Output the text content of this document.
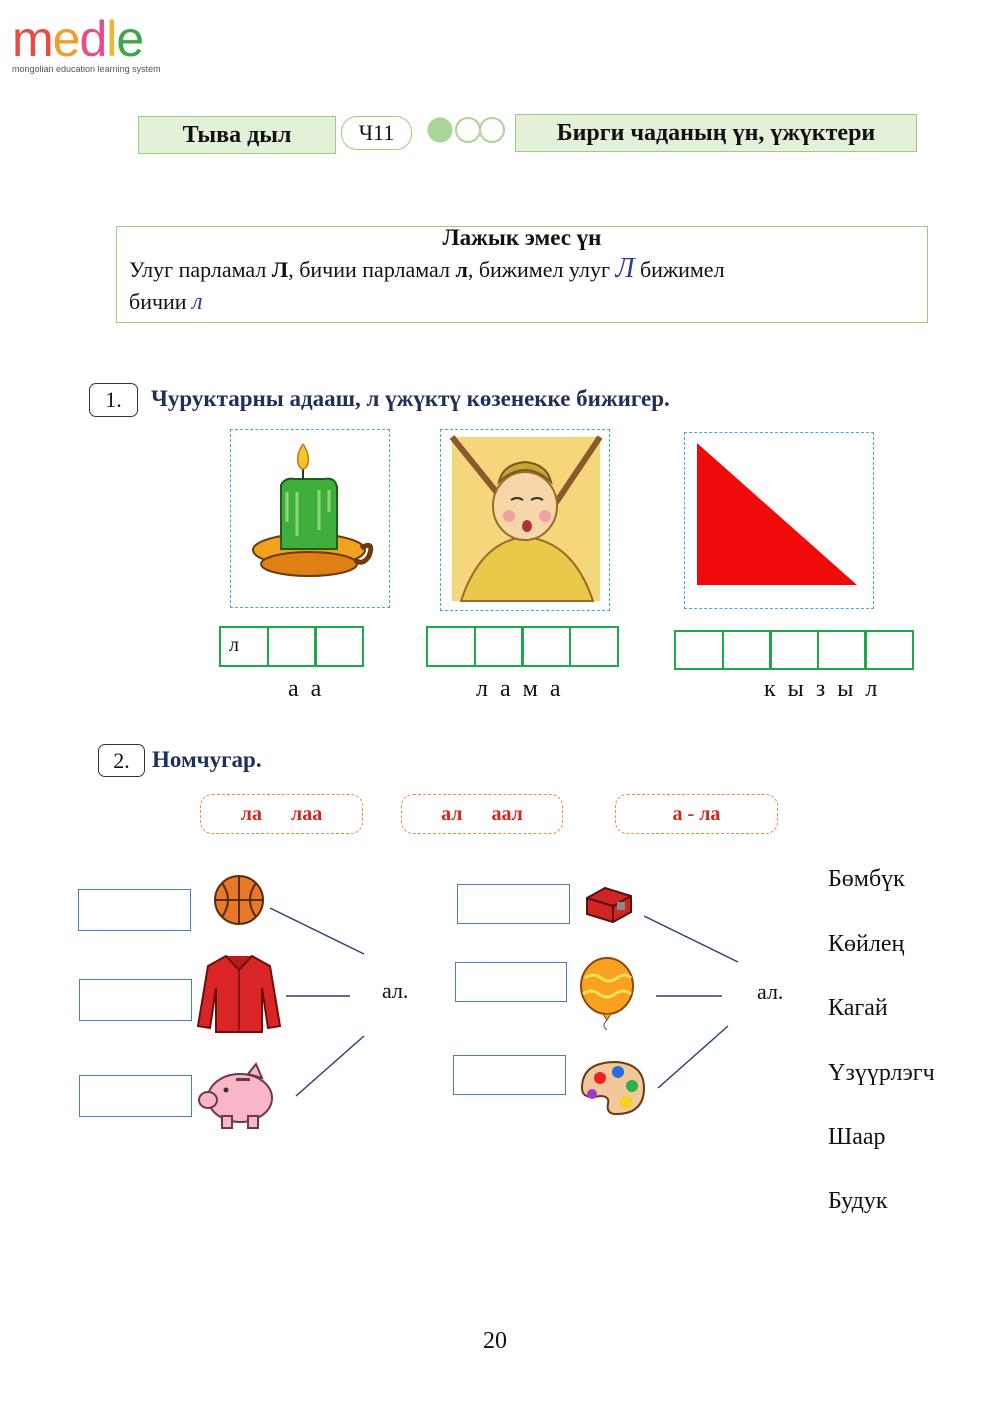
medle
mongolian education learning system
Тыва дыл	Ч11	Бирги чаданың үн, үжүктери
Лажык эмес үн
Улуг парламал Л, бичии парламал л, бижимел улуг Л бижимел
бичии л
1. Чуруктарны адааш, л үжүктү көзенекке бижигер.
л
а а	л а м а	к ы з ы л
2. Номчугар.
ла лаа	ал аал	а - ла
ал.	ал.
Бөмбүк
Көйлең
Кагай
Үзүүрлэгч
Шаар
Будук
20
